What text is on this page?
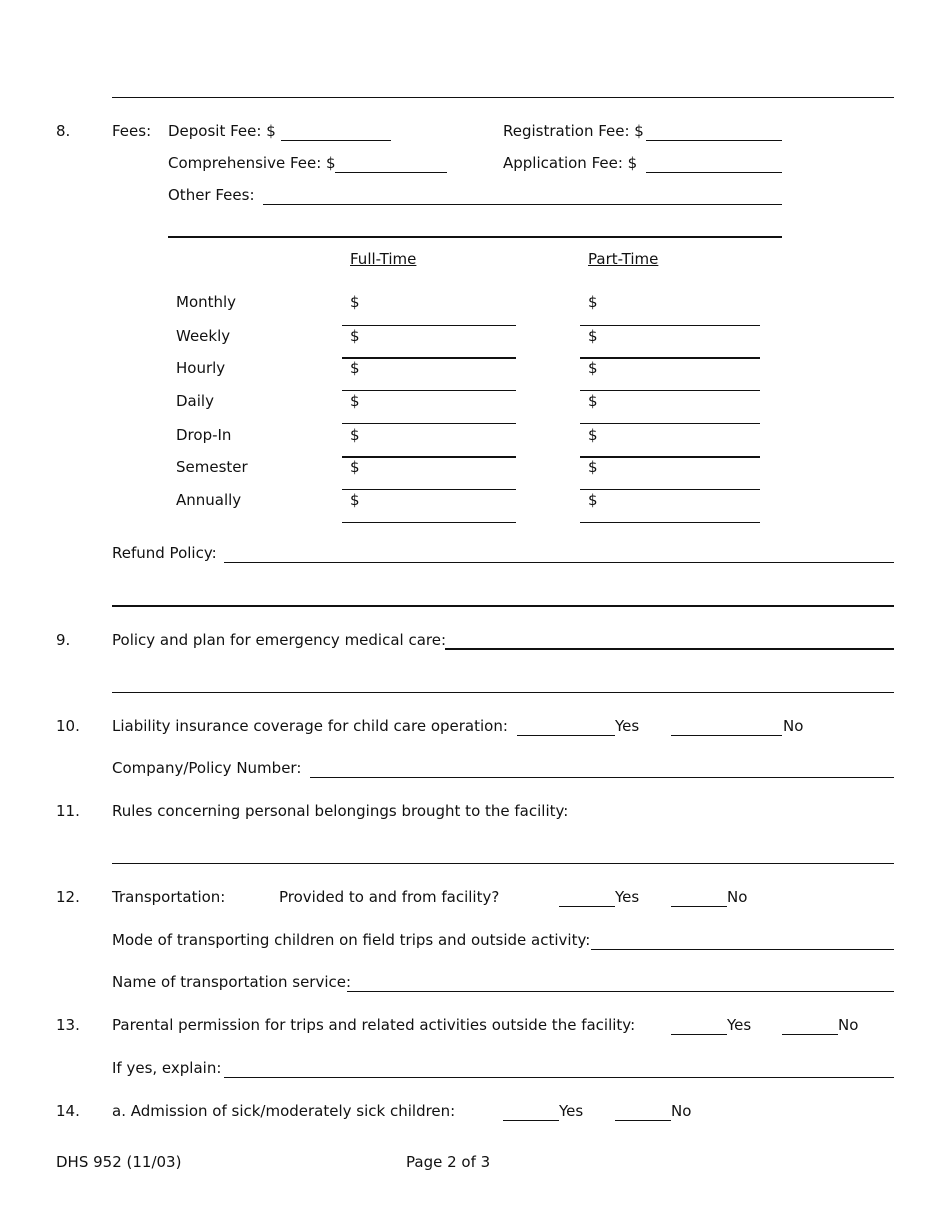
8.	Fees: Deposit Fee: $	Registration Fee: $
Comprehensive Fee: $	Application Fee: $
Other Fees:
Full-Time	Part-Time
Monthly	$	$
Weekly	$	$
Hourly	$	$
Daily	$	$
Drop-In	$	$
Semester	$	$
Annually	$	$
Refund Policy:
9.	Policy and plan for emergency medical care:
10. Liability insurance coverage for child care operation:	Yes	No
Company/Policy Number:
11. Rules concerning personal belongings brought to the facility:
12. Transportation:	Provided to and from facility?	Yes	No
Mode of transporting children on field trips and outside activity:
Name of transportation service:
13. Parental permission for trips and related activities outside the facility:	Yes	No
If yes, explain:
14. a. Admission of sick/moderately sick children:	Yes	No
DHS 952 (11/03)	Page 2 of 3
